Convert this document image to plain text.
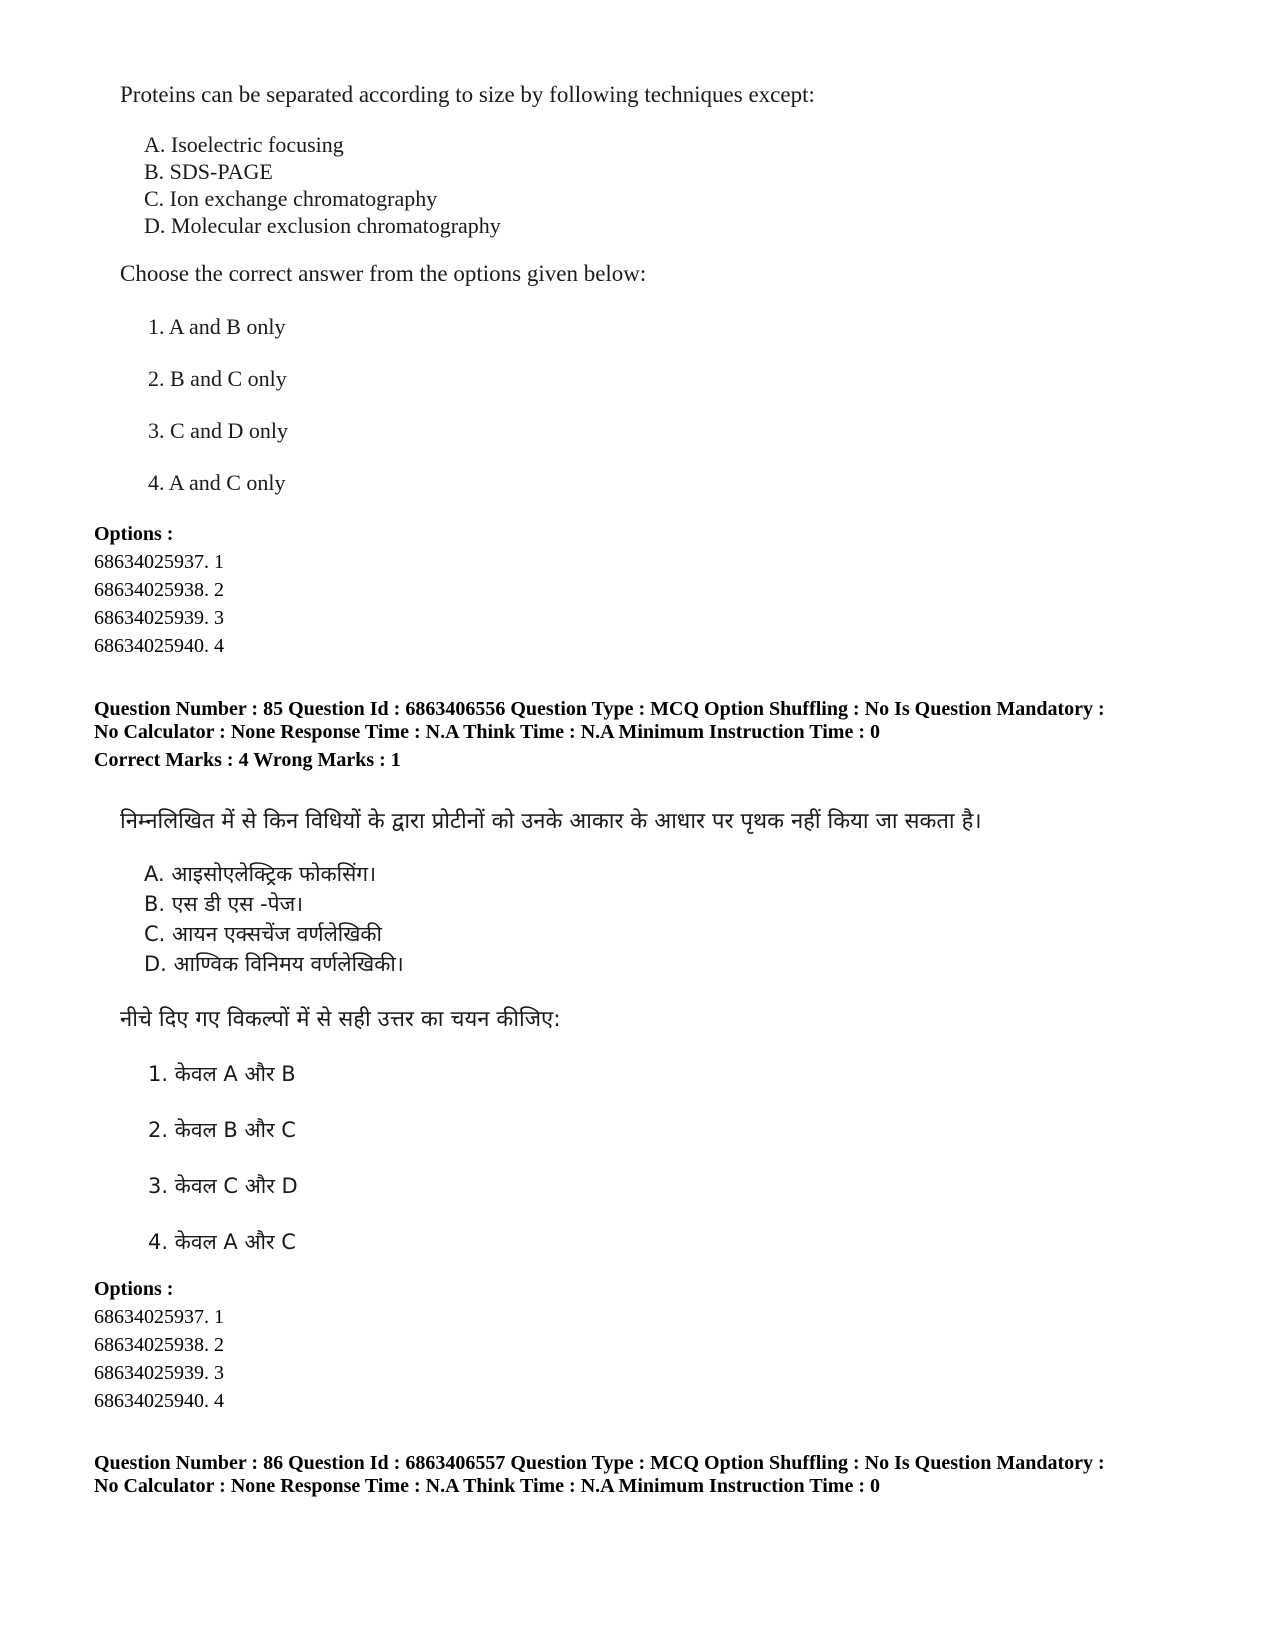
Proteins can be separated according to size by following techniques except:
A. Isoelectric focusing
B. SDS-PAGE
C. Ion exchange chromatography
D. Molecular exclusion chromatography
Choose the correct answer from the options given below:
1. A and B only
2. B and C only
3. C and D only
4. A and C only
Options :
68634025937. 1
68634025938. 2
68634025939. 3
68634025940. 4
Question Number : 85 Question Id : 6863406556 Question Type : MCQ Option Shuffling : No Is Question Mandatory :
No Calculator : None Response Time : N.A Think Time : N.A Minimum Instruction Time : 0
Correct Marks : 4 Wrong Marks : 1
निम्नलिखित में से किन विधियों के द्वारा प्रोटीनों को उनके आकार के आधार पर पृथक नहीं किया जा सकता है।
A. आइसोएलेक्ट्रिक फोकसिंग।
B. एस डी एस -पेज।
C. आयन एक्सचेंज वर्णलेखिकी
D. आण्विक विनिमय वर्णलेखिकी।
नीचे दिए गए विकल्पों में से सही उत्तर का चयन कीजिए:
1. केवल A और B
2. केवल B और C
3. केवल C और D
4. केवल A और C
Options :
68634025937. 1
68634025938. 2
68634025939. 3
68634025940. 4
Question Number : 86 Question Id : 6863406557 Question Type : MCQ Option Shuffling : No Is Question Mandatory :
No Calculator : None Response Time : N.A Think Time : N.A Minimum Instruction Time : 0
